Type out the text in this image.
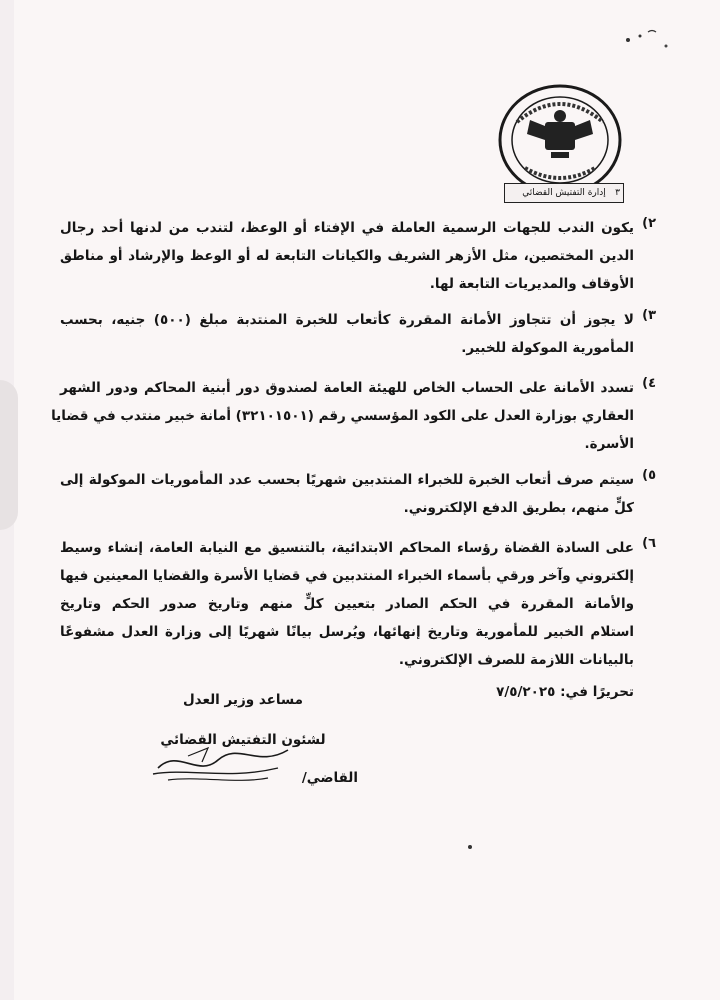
إدارة التفتيش القضائي ٣
٢)
يكون الندب للجهات الرسمية العاملة في الإفتاء أو الوعظ، لتندب من لدنها أحد رجال
الدين المختصين، مثل الأزهر الشريف والكيانات التابعة له أو الوعظ والإرشاد أو مناطق
الأوقاف والمديريات التابعة لها.
٣)
لا يجوز أن تتجاوز الأمانة المقررة كأتعاب للخبرة المنتدبة مبلغ (٥٠٠) جنيه، بحسب
المأمورية الموكولة للخبير.
٤)
تسدد الأمانة على الحساب الخاص للهيئة العامة لصندوق دور أبنية المحاكم ودور الشهر
العقاري بوزارة العدل على الكود المؤسسي رقم (٣٢١٠١٥٠١) أمانة خبير منتدب في قضايا
الأسرة.
٥)
سيتم صرف أتعاب الخبرة للخبراء المنتدبين شهريًا بحسب عدد المأموريات الموكولة إلى
كلٍّ منهم، بطريق الدفع الإلكتروني.
٦)
على السادة القضاة رؤساء المحاكم الابتدائية، بالتنسيق مع النيابة العامة، إنشاء وسيط
إلكتروني وآخر ورقي بأسماء الخبراء المنتدبين في قضايا الأسرة والقضايا المعينين فيها
والأمانة المقررة في الحكم الصادر بتعيين كلٍّ منهم وتاريخ صدور الحكم وتاريخ
استلام الخبير للمأمورية وتاريخ إنهائها، ويُرسل بيانًا شهريًا إلى وزارة العدل مشفوعًا
بالبيانات اللازمة للصرف الإلكتروني.
تحريرًا في: ٧/٥/٢٠٢٥
مساعد وزير العدل
لشئون التفتيش القضائي
القاضي/
